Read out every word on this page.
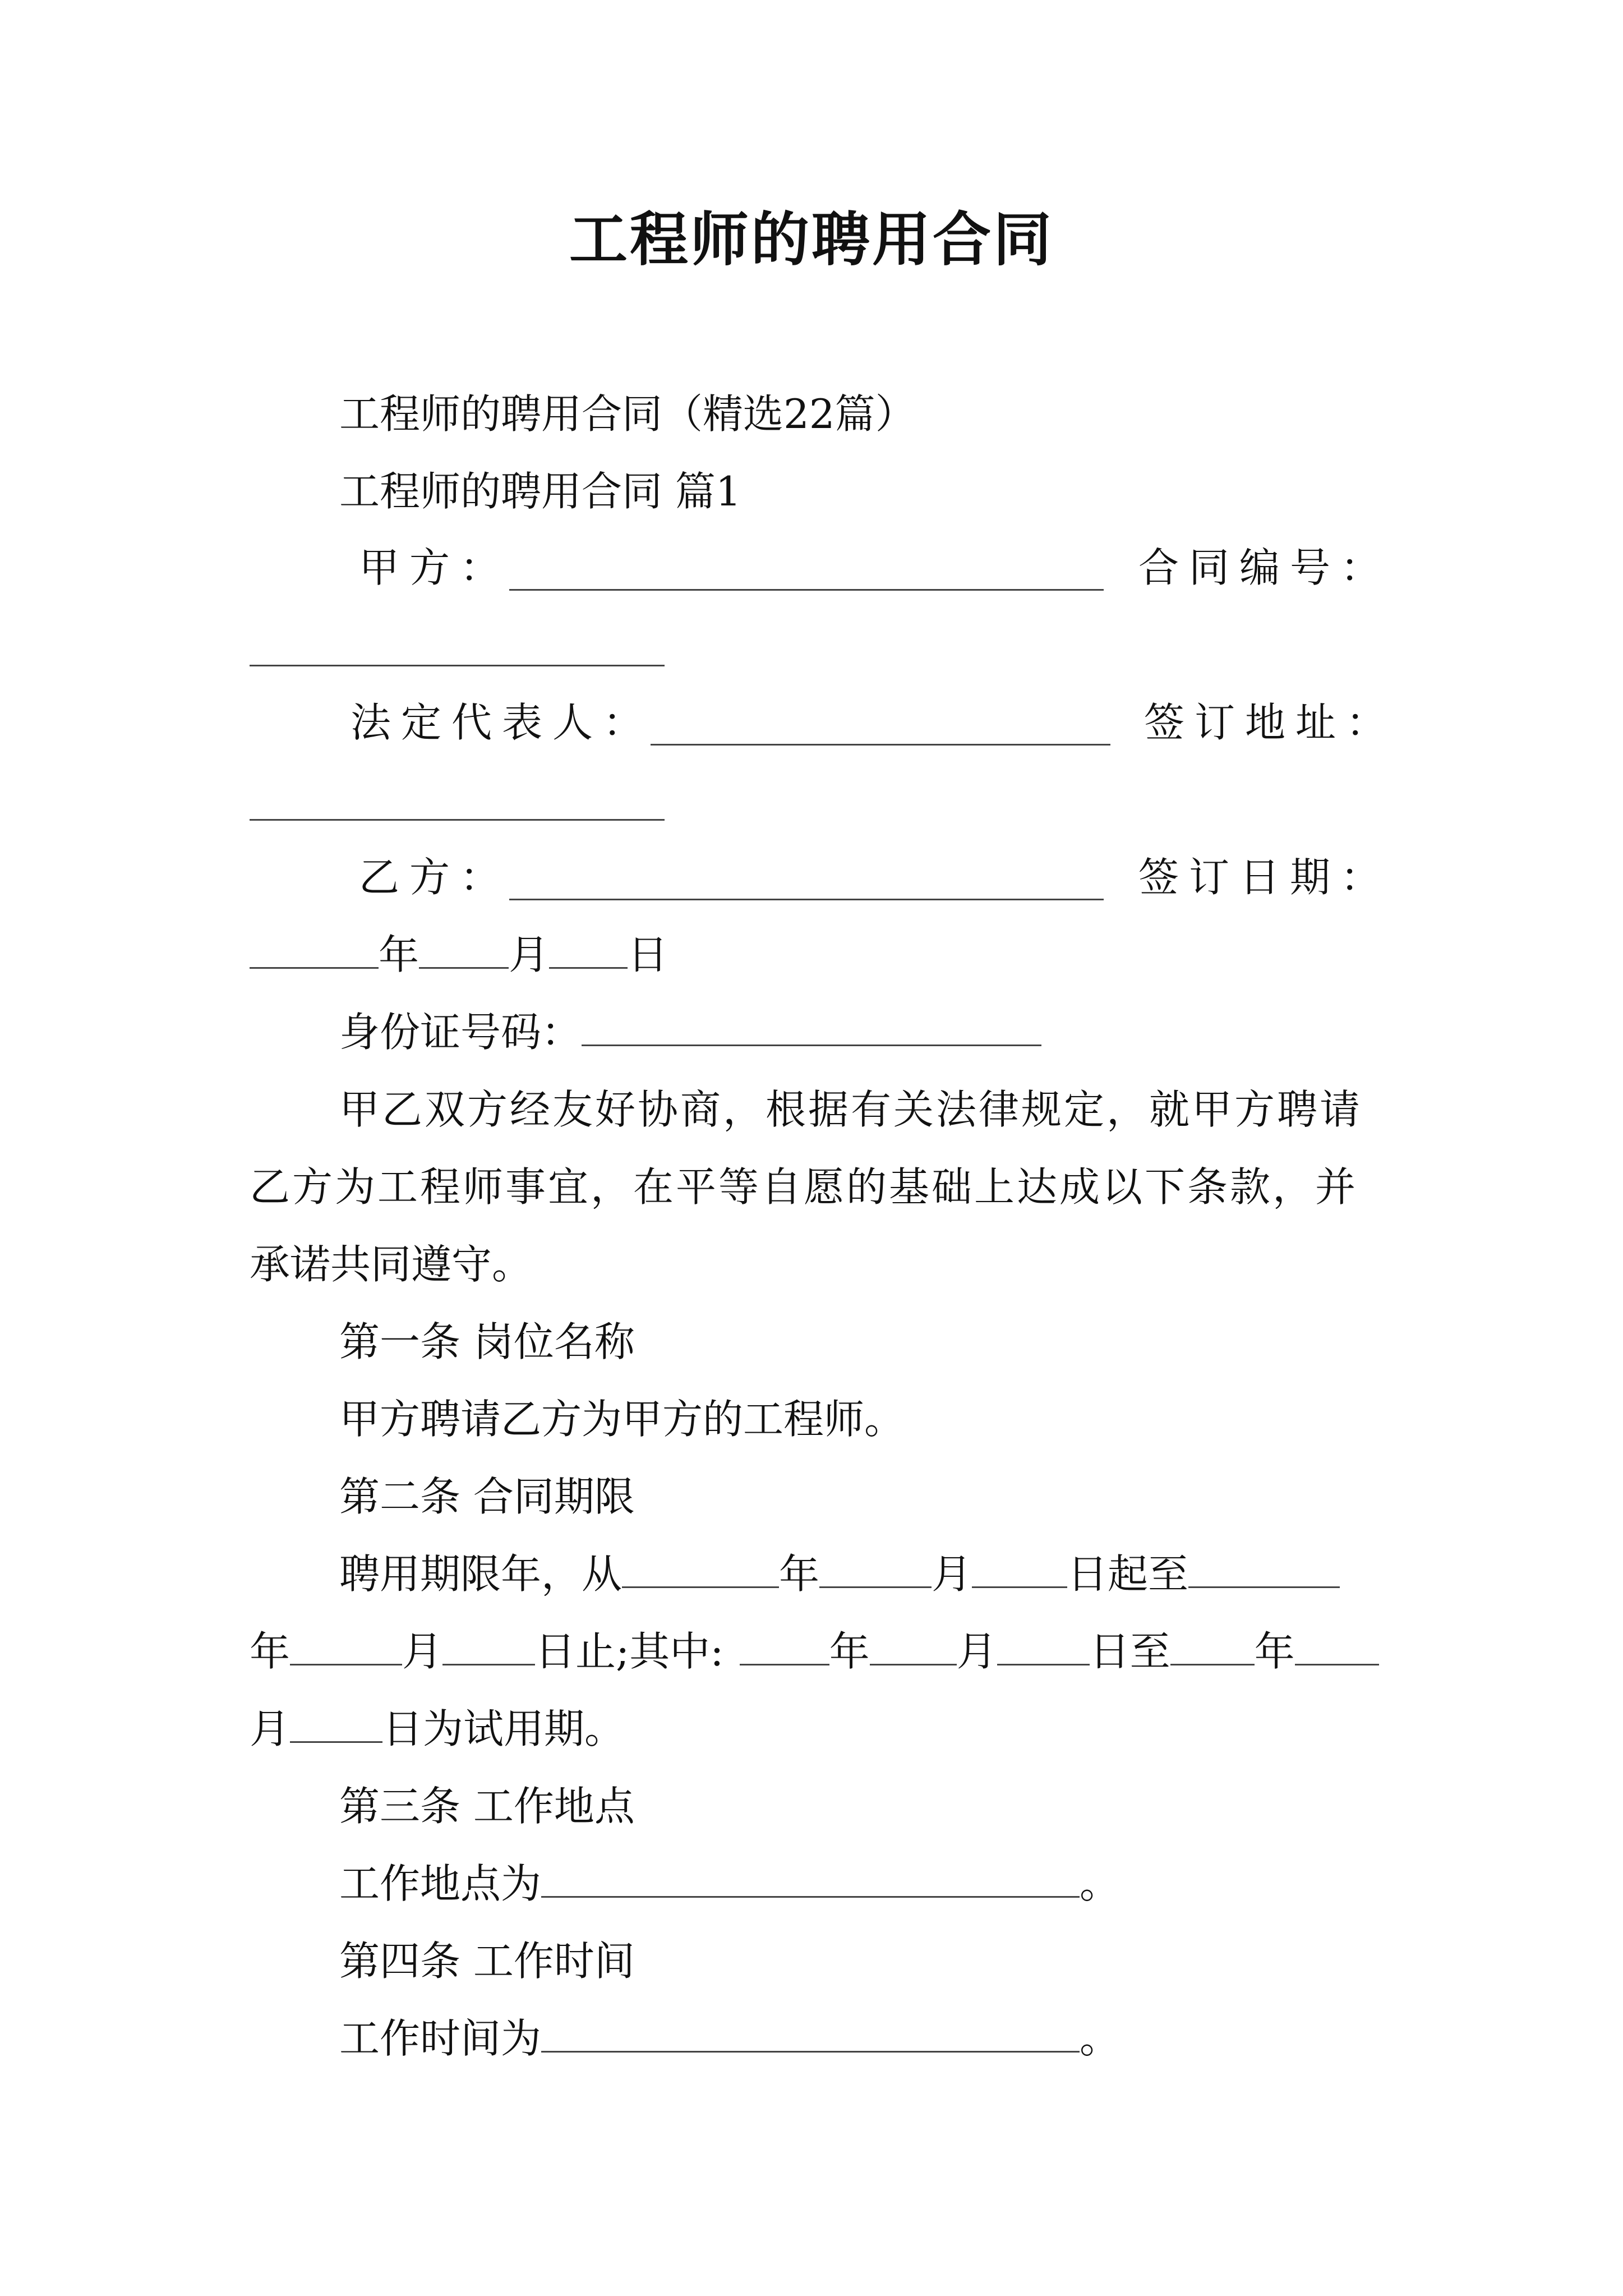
工程师的聘用合同
工程师的聘用合同（精选22篇）
工程师的聘用合同 篇1
甲方：	合同编号：
法定代表人：	签订地址：
乙方：	签订日期：
年 月 日
身份证号码：
甲乙双方经友好协商，根据有关法律规定，就甲方聘请
乙方为工程师事宜，在平等自愿的基础上达成以下条款，并
承诺共同遵守。
第一条 岗位名称
甲方聘请乙方为甲方的工程师。
第二条 合同期限
聘用期限年，从	年	月 日起至
年	月 日止;其中:	年 月 日至 年
月 日为试用期。
第三条 工作地点
工作地点为	。
第四条 工作时间
工作时间为	。
